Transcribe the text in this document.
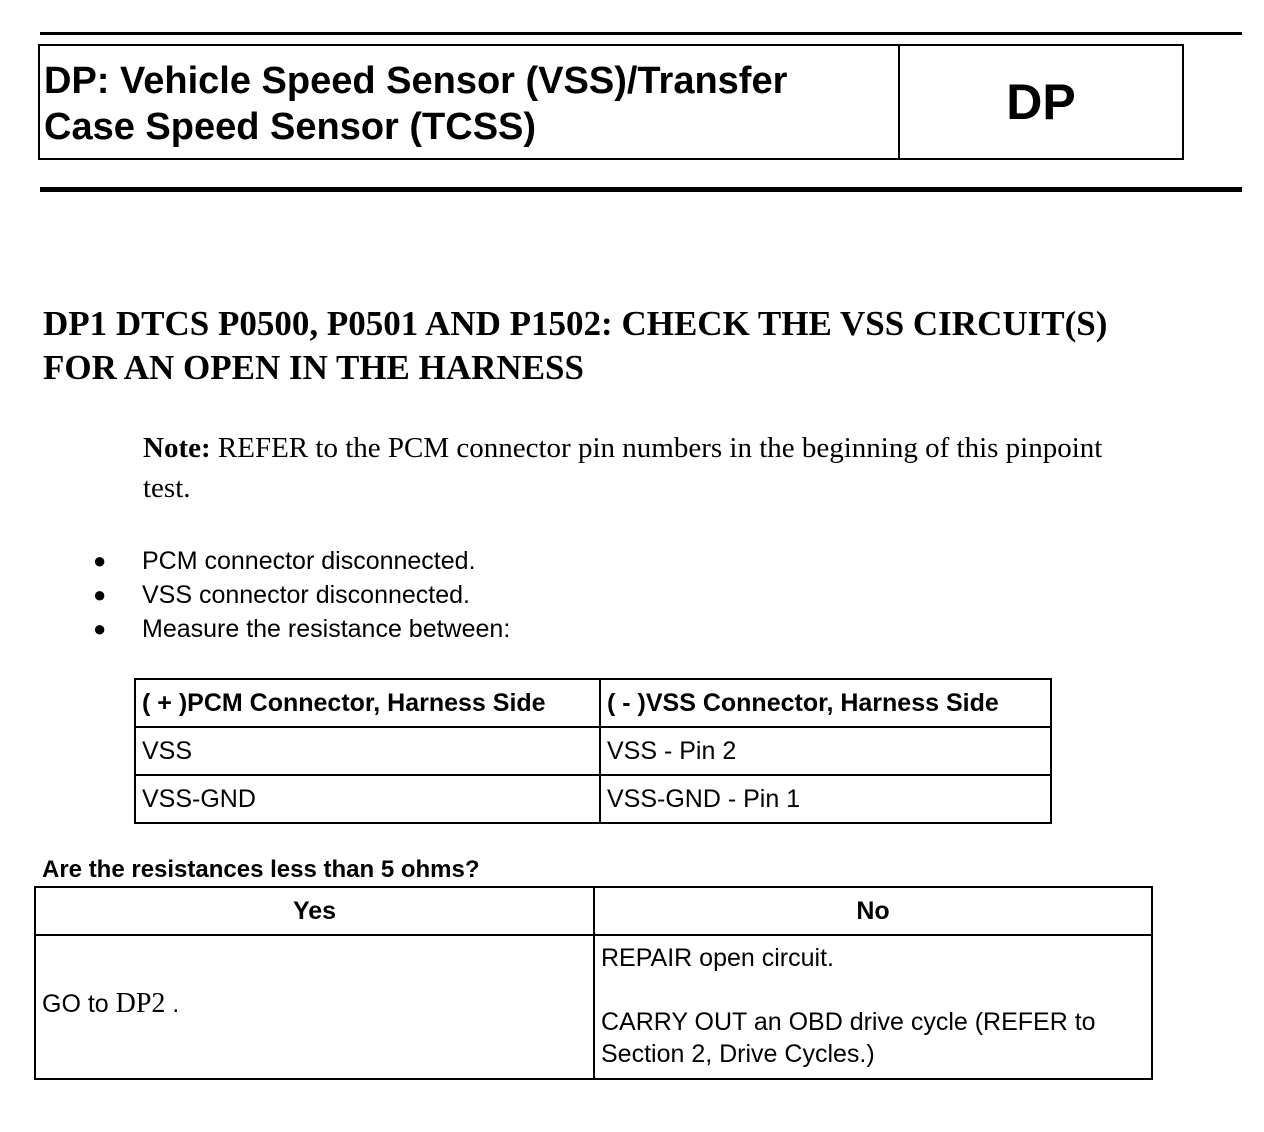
DP: Vehicle Speed Sensor (VSS)/Transfer
Case Speed Sensor (TCSS)	DP
DP1 DTCS P0500, P0501 AND P1502: CHECK THE VSS CIRCUIT(S)
FOR AN OPEN IN THE HARNESS
Note: REFER to the PCM connector pin numbers in the beginning of this pinpoint test.
● PCM connector disconnected.
● VSS connector disconnected.
● Measure the resistance between:
( + )PCM Connector, Harness Side	( - )VSS Connector, Harness Side
VSS	VSS - Pin 2
VSS-GND	VSS-GND - Pin 1
Are the resistances less than 5 ohms?
Yes	No
GO to DP2 .	REPAIR open circuit.

CARRY OUT an OBD drive cycle (REFER to Section 2, Drive Cycles.)
